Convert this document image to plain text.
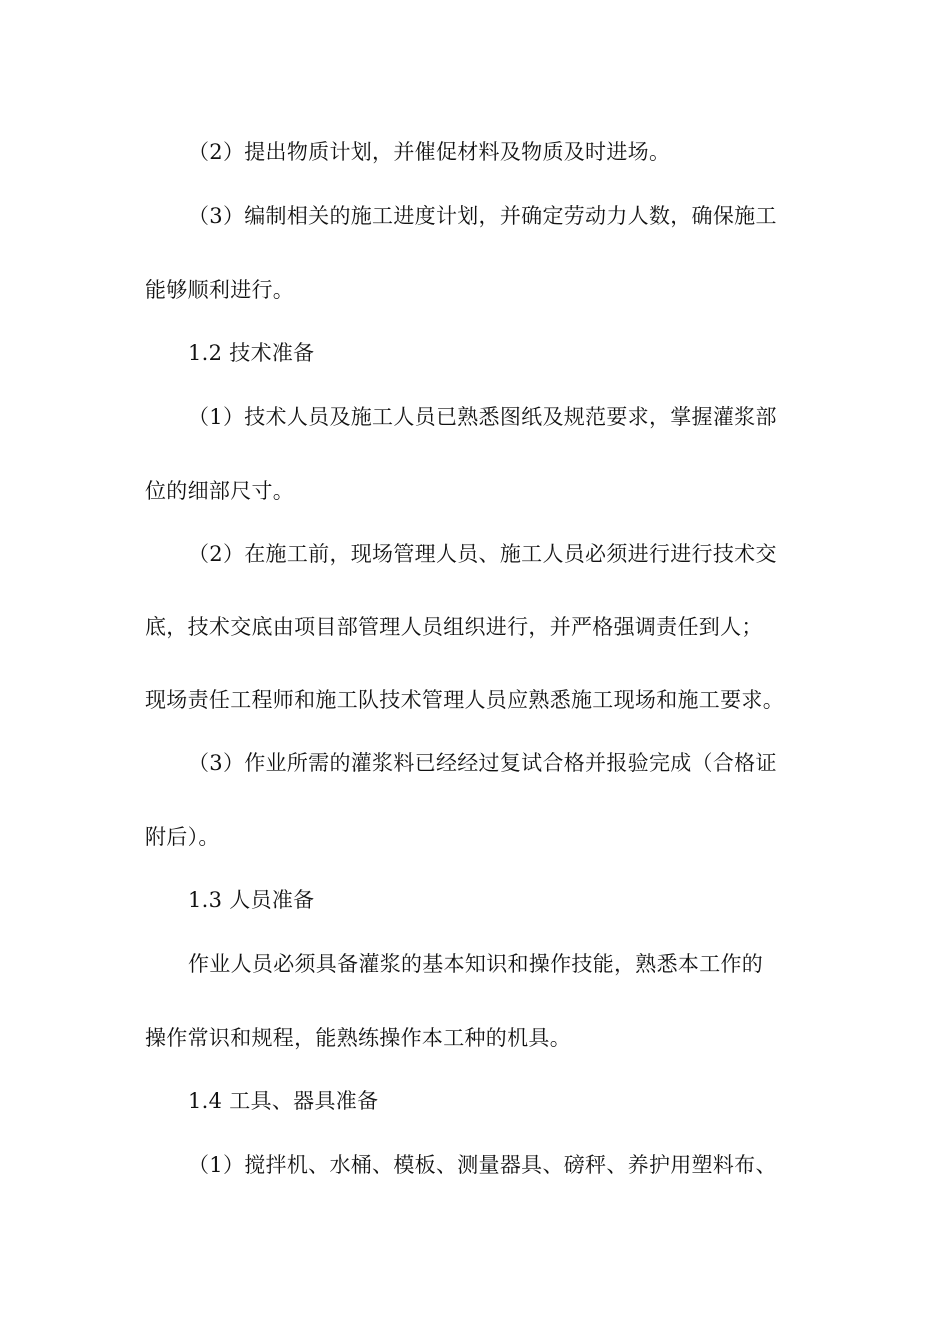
（2）提出物质计划，并催促材料及物质及时进场。
（3）编制相关的施工进度计划，并确定劳动力人数，确保施工
能够顺利进行。
1.2 技术准备
（1）技术人员及施工人员已熟悉图纸及规范要求，掌握灌浆部
位的细部尺寸。
（2）在施工前，现场管理人员、施工人员必须进行进行技术交
底，技术交底由项目部管理人员组织进行，并严格强调责任到人；
现场责任工程师和施工队技术管理人员应熟悉施工现场和施工要求。
（3）作业所需的灌浆料已经经过复试合格并报验完成（合格证
附后）。
1.3 人员准备
作业人员必须具备灌浆的基本知识和操作技能，熟悉本工作的
操作常识和规程，能熟练操作本工种的机具。
1.4 工具、器具准备
（1）搅拌机、水桶、模板、测量器具、磅秤、养护用塑料布、
